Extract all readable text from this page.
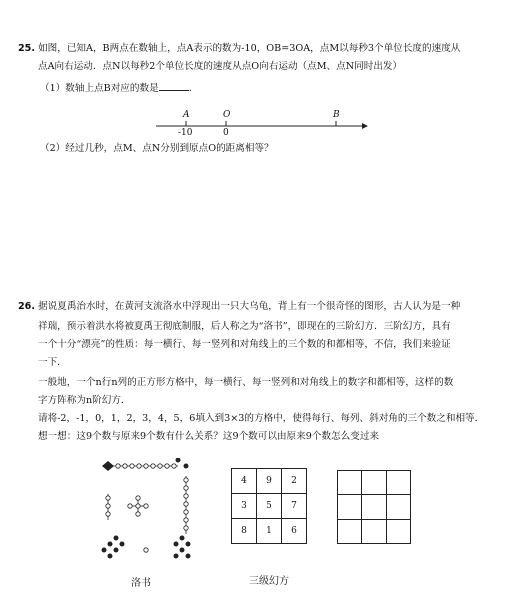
25. 如图，已知A，B两点在数轴上，点A表示的数为-10，OB=3OA，点M以每秒3个单位长度的速度从
点A向右运动．点N以每秒2个单位长度的速度从点O向右运动（点M、点N同时出发）
（1）数轴上点B对应的数是	.
A	O	B
-10	0
（2）经过几秒，点M、点N分别到原点O的距离相等？
26. 据说夏禹治水时，在黄河支流洛水中浮现出一只大乌龟，背上有一个很奇怪的图形，古人认为是一种
祥瑞，预示着洪水将被夏禹王彻底制服，后人称之为“洛书”，即现在的三阶幻方．三阶幻方，具有
一个十分“漂亮”的性质：每一横行、每一竖列和对角线上的三个数的和都相等，不信，我们来验证
一下．
一般地，一个n行n列的正方形方格中，每一横行、每一竖列和对角线上的数字和都相等，这样的数
字方阵称为n阶幻方．
请将-2，-1，0，1，2，3，4，5，6填入到3×3的方格中，使得每行、每列、斜对角的三个数之和相等．
想一想：这9个数与原来9个数有什么关系？这9个数可以由原来9个数怎么变过来
洛书
4	9	2
3	5	7
8	1	6
三级幻方
